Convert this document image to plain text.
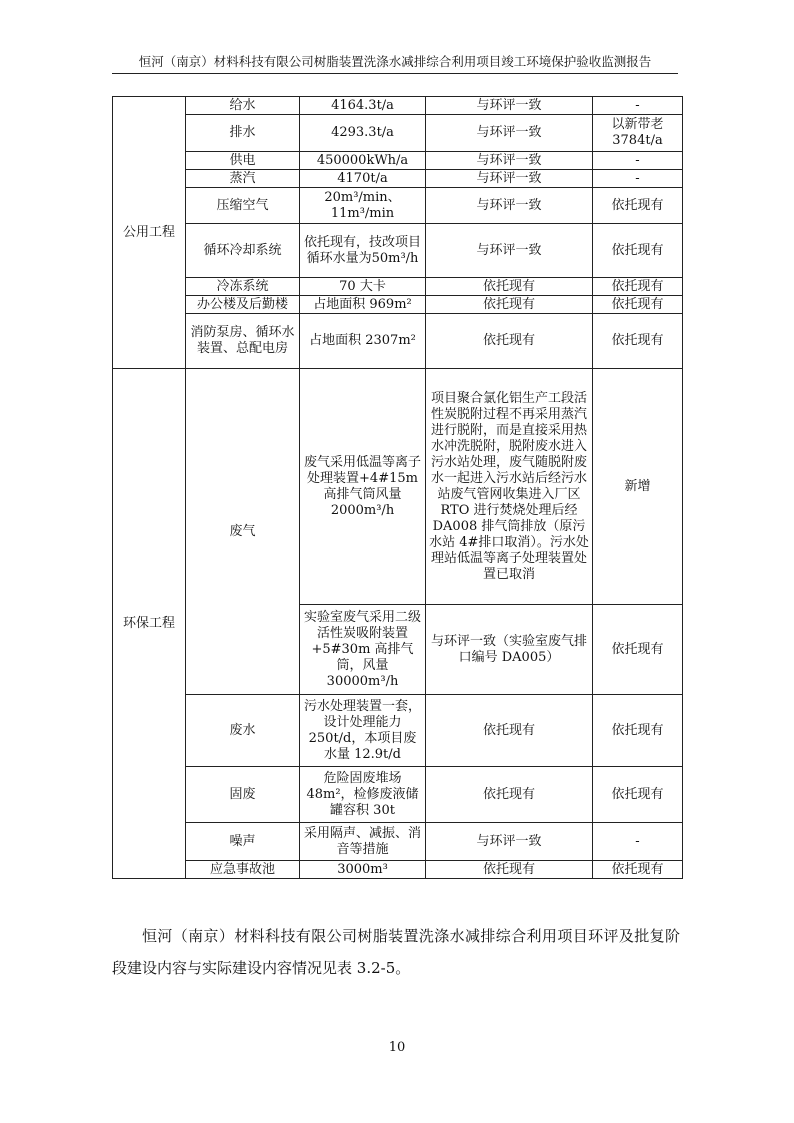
恒河（南京）材料科技有限公司树脂装置洗涤水减排综合利用项目竣工环境保护验收监测报告
公用工程	给水	4164.3t/a	与环评一致	-
	排水	4293.3t/a	与环评一致	以新带老3784t/a
	供电	450000kWh/a	与环评一致	-
	蒸汽	4170t/a	与环评一致	-
	压缩空气	20m³/min、11m³/min	与环评一致	依托现有
	循环冷却系统	依托现有，技改项目循环水量为50m³/h	与环评一致	依托现有
	冷冻系统	70 大卡	依托现有	依托现有
	办公楼及后勤楼	占地面积 969m²	依托现有	依托现有
	消防泵房、循环水装置、总配电房	占地面积 2307m²	依托现有	依托现有
环保工程	废气	废气采用低温等离子处理装置+4#15m 高排气筒风量 2000m³/h	项目聚合氯化铝生产工段活性炭脱附过程不再采用蒸汽进行脱附，而是直接采用热水冲洗脱附，脱附废水进入污水站处理，废气随脱附废水一起进入污水站后经污水站废气管网收集进入厂区 RTO 进行焚烧处理后经 DA008 排气筒排放（原污水站 4#排口取消）。污水处理站低温等离子处理装置处置已取消	新增
		实验室废气采用二级活性炭吸附装置+5#30m 高排气筒，风量30000m³/h	与环评一致（实验室废气排口编号 DA005）	依托现有
	废水	污水处理装置一套，设计处理能力250t/d，本项目废水量 12.9t/d	依托现有	依托现有
	固废	危险固废堆场48m²，检修废液储罐容积 30t	依托现有	依托现有
	噪声	采用隔声、减振、消音等措施	与环评一致	-
	应急事故池	3000m³	依托现有	依托现有

恒河（南京）材料科技有限公司树脂装置洗涤水减排综合利用项目环评及批复阶段建设内容与实际建设内容情况见表 3.2-5。

10
